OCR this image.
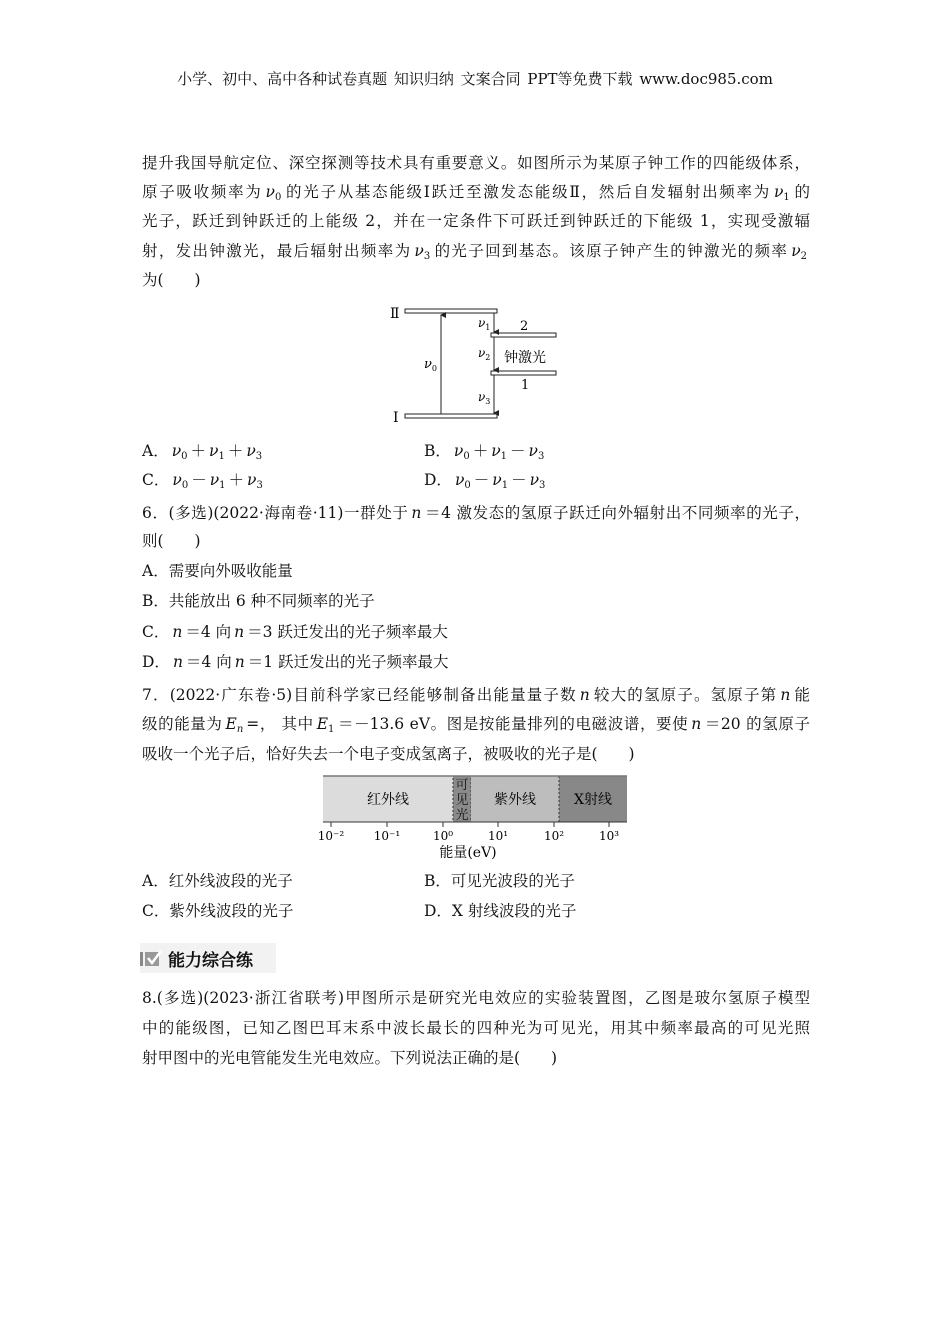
小学、初中、高中各种试卷真题 知识归纳 文案合同 PPT等免费下载 www.doc985.com
提升我国导航定位、深空探测等技术具有重要意义。如图所示为某原子钟工作的四能级体系，
原子吸收频率为 $\nu_0$ 的光子从基态能级Ⅰ跃迁至激发态能级Ⅱ，然后自发辐射出频率为 $\nu_1$ 的
光子，跃迁到钟跃迁的上能级 2，并在一定条件下可跃迁到钟跃迁的下能级 1，实现受激辐
射，发出钟激光，最后辐射出频率为 $\nu_3$ 的光子回到基态。该原子钟产生的钟激光的频率 $\nu_2$
为(　　)
Ⅱ
Ⅰ
2
1
钟激光
$\nu_0$
$\nu_1$
$\nu_2$
$\nu_3$
A． $\nu_0 + \nu_1 + \nu_3$	B． $\nu_0 + \nu_1 - \nu_3$
C． $\nu_0 - \nu_1 + \nu_3$	D． $\nu_0 - \nu_1 - \nu_3$
6．(多选)(2022·海南卷·11)一群处于 n ＝4 激发态的氢原子跃迁向外辐射出不同频率的光子，
则(　　)
A．需要向外吸收能量
B．共能放出 6 种不同频率的光子
C． n ＝4 向 n ＝3 跃迁发出的光子频率最大
D． n ＝4 向 n ＝1 跃迁发出的光子频率最大
7．(2022·广东卷·5)目前科学家已经能够制备出能量量子数 n 较大的氢原子。氢原子第 n 能
级的能量为 $E_n$ =， 其中 $E_1 =-13.6$ eV。图是按能量排列的电磁波谱，要使 n ＝20 的氢原子
吸收一个光子后，恰好失去一个电子变成氢离子，被吸收的光子是(　　)
红外线
可
见
光
紫外线	X射线
10⁻² 10⁻¹	10⁰	10¹	10²	10³
能量(eV)
A．红外线波段的光子	B．可见光波段的光子
C．紫外线波段的光子	D．X 射线波段的光子
能力综合练
8.(多选)(2023·浙江省联考)甲图所示是研究光电效应的实验装置图，乙图是玻尔氢原子模型
中的能级图，已知乙图巴耳末系中波长最长的四种光为可见光，用其中频率最高的可见光照
射甲图中的光电管能发生光电效应。下列说法正确的是(　　)
